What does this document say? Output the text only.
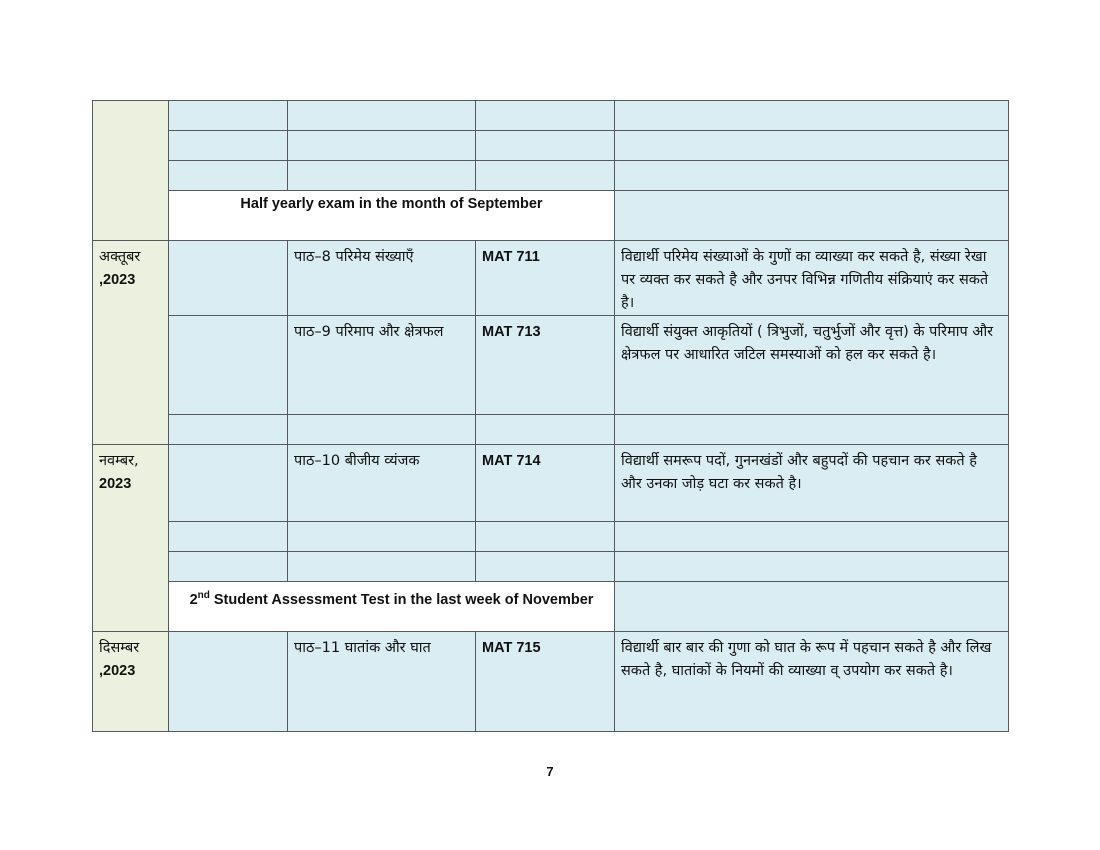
	Half yearly exam in the month of September			
अक्तूबर
,2023		पाठ–8 परिमेय संख्याएँ	MAT 711	विद्यार्थी परिमेय संख्याओं के गुणों का व्याख्या कर सकते है, संख्या रेखा पर व्यक्त कर सकते है और उनपर विभिन्न गणितीय संक्रियाएं कर सकते है।
		पाठ–9 परिमाप और क्षेत्रफल	MAT 713	विद्यार्थी संयुक्त आकृतियों ( त्रिभुजों, चतुर्भुजों और वृत्त) के परिमाप और क्षेत्रफल पर आधारित जटिल समस्याओं को हल कर सकते है।

नवम्बर,
2023		पाठ–10 बीजीय व्यंजक	MAT 714	विद्यार्थी समरूप पदों, गुननखंडों और बहुपदों की पहचान कर सकते है और उनका जोड़ घटा कर सकते है।

	2nd Student Assessment Test in the last week of November			
दिसम्बर
,2023		पाठ–11 घातांक और घात	MAT 715	विद्यार्थी बार बार की गुणा को घात के रूप में पहचान सकते है और लिख सकते है, घातांकों के नियमों की व्याख्या व् उपयोग कर सकते है।
7
